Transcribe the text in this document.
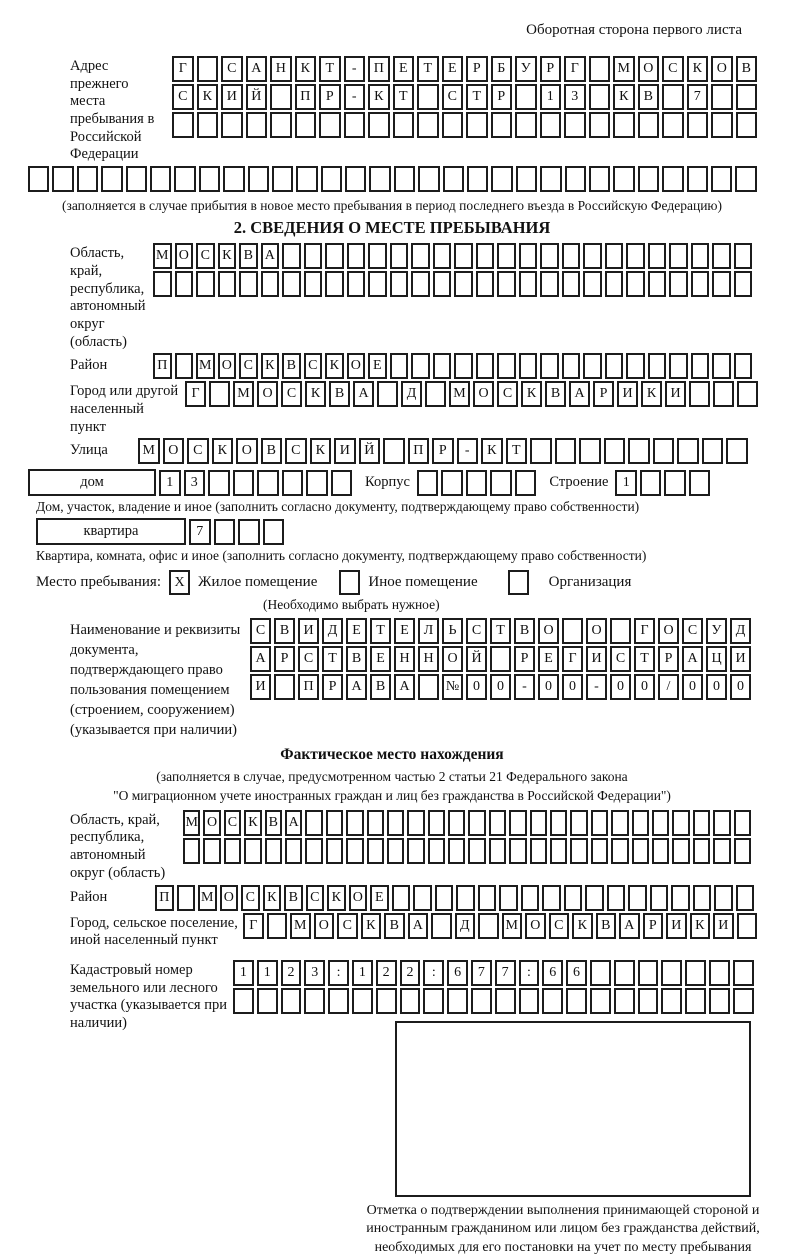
Оборотная сторона первого листа
Адрес прежнего места пребывания в Российской Федерации
Г	С	А	Н	К	Т	-	П	Е	Т	Е	Р	Б	У	Р	Г	М О	С	К	О	В
С	К	И	Й	П	Р	-	К	Т	С	Т	Р	1	3	К	В	7
(заполняется в случае прибытия в новое место пребывания в период последнего въезда в Российскую Федерацию)
2. СВЕДЕНИЯ О МЕСТЕ ПРЕБЫВАНИЯ
Область, край, республика, автономный округ (область)
М О С К В А
Район	П М О С К В С К О Е
Город или другой населенный пункт
Г	М О	С	К	В	А	Д	М О	С	К	В	А	Р	И	К	И
Улица	М О	С	К	О	В	С	К	И	Й	П	Р	-	К	Т
дом	1	3	Корпус	Строение	1
Дом, участок, владение и иное (заполнить согласно документу, подтверждающему право собственности)
квартира	7
Квартира, комната, офис и иное (заполнить согласно документу, подтверждающему право собственности)
Место пребывания: X Жилое помещение	Иное помещение	Организация
(Необходимо выбрать нужное)
Наименование и реквизиты документа, подтверждающего право пользования помещением (строением, сооружением) (указывается при наличии)
С	В	И	Д	Е	Т	Е	Л	Ь	С	Т	В	О	О	Г	О	С	У	Д
А	Р	С	Т	В	Е	Н Н О Й	Р	Е	Г	И	С	Т	Р	А Ц И
И	П	Р	А	В	А	№ 0	0	-	0	0	-	0	0	/	0	0	0
Фактическое место нахождения
(заполняется в случае, предусмотренном частью 2 статьи 21 Федерального закона
"О миграционном учете иностранных граждан и лиц без гражданства в Российской Федерации")
Область, край, республика, автономный округ (область)
М О С К В А
Район	П М О С К В С К О Е
Город, сельское поселение, иной населенный пункт
Г	М О С	К	В А	Д	М О С	К	В А	Р	И К И
Кадастровый номер земельного или лесного участка (указывается при наличии)
1	1	2	3	:	1	2	2	:	6	7	7	:	6	6
Отметка о подтверждении выполнения принимающей стороной и иностранным гражданином или лицом без гражданства действий, необходимых для его постановки на учет по месту пребывания
